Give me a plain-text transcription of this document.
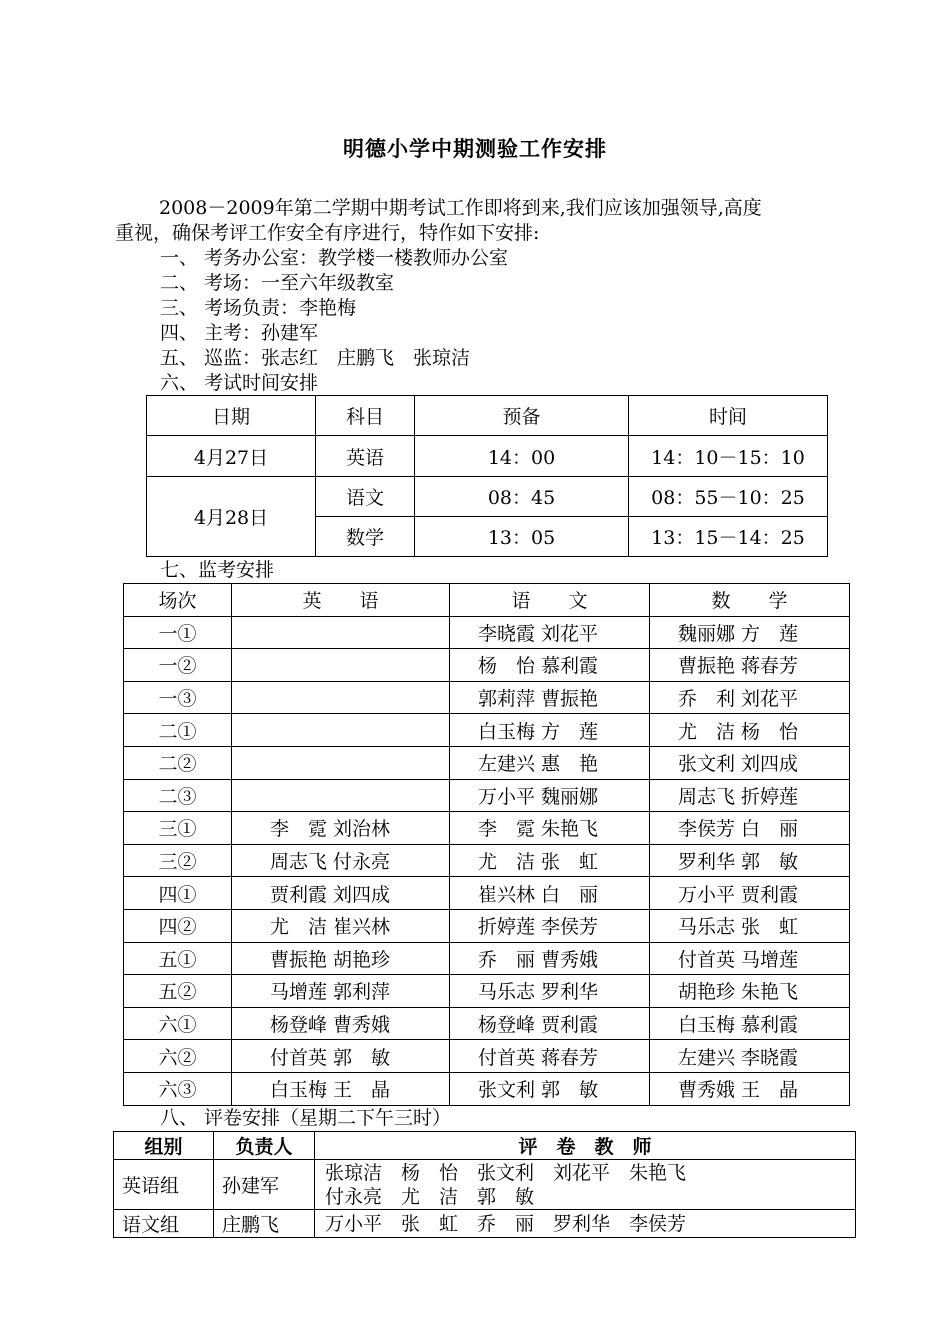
明德小学中期测验工作安排
2008－2009年第二学期中期考试工作即将到来,我们应该加强领导,高度
重视，确保考评工作安全有序进行，特作如下安排:
一、 考务办公室：教学楼一楼教师办公室
二、 考场：一至六年级教室
三、 考场负责：李艳梅
四、 主考：孙建军
五、 巡监：张志红　庄鹏飞　张琼洁
六、 考试时间安排
日期	科目	预备	时间
4月27日	英语	14：00	14：10－15：10
4月28日	语文	08：45	08：55－10：25
	数学	13：05	13：15－14：25
七、监考安排
场次	英　　语	语　　文	数　　学
一①		李晓霞 刘花平	魏丽娜 方　莲
一②		杨　怡 慕利霞	曹振艳 蒋春芳
一③		郭莉萍 曹振艳	乔　利 刘花平
二①		白玉梅 方　莲	尤　洁 杨　怡
二②		左建兴 惠　艳	张文利 刘四成
二③		万小平 魏丽娜	周志飞 折婷莲
三①	李　霓 刘治林	李　霓 朱艳飞	李侯芳 白　丽
三②	周志飞 付永亮	尤　洁 张　虹	罗利华 郭　敏
四①	贾利霞 刘四成	崔兴林 白　丽	万小平 贾利霞
四②	尤　洁 崔兴林	折婷莲 李侯芳	马乐志 张　虹
五①	曹振艳 胡艳珍	乔　丽 曹秀娥	付首英 马增莲
五②	马增莲 郭利萍	马乐志 罗利华	胡艳珍 朱艳飞
六①	杨登峰 曹秀娥	杨登峰 贾利霞	白玉梅 慕利霞
六②	付首英 郭　敏	付首英 蒋春芳	左建兴 李晓霞
六③	白玉梅 王　晶	张文利 郭　敏	曹秀娥 王　晶
八、 评卷安排（星期二下午三时）
组别	负责人	评　卷　教　师
英语组	孙建军	张琼洁　杨　怡　张文利　刘花平　朱艳飞
付永亮　尤　洁　郭　敏

语文组	庄鹏飞	万小平　张　虹　乔　丽　罗利华　李侯芳
